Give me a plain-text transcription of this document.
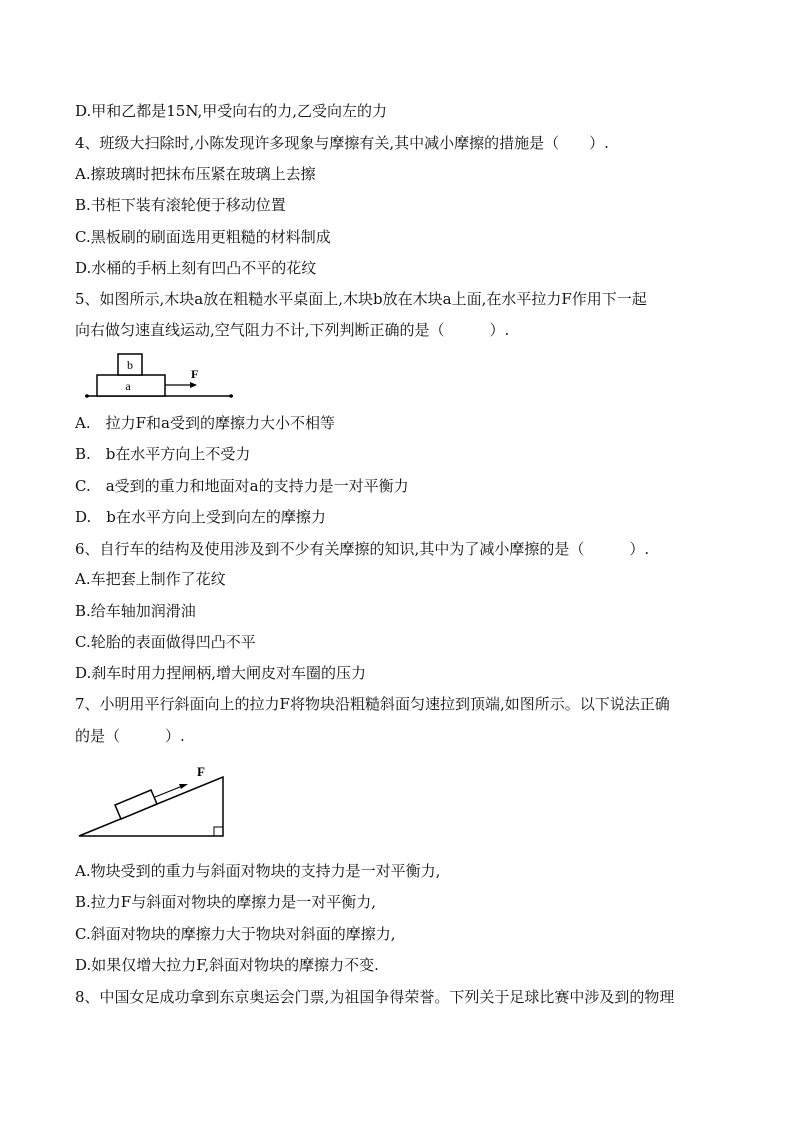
D.甲和乙都是15N,甲受向右的力,乙受向左的力
4、班级大扫除时,小陈发现许多现象与摩擦有关,其中减小摩擦的措施是（　　）.
A.擦玻璃时把抹布压紧在玻璃上去擦
B.书柜下装有滚轮便于移动位置
C.黑板刷的刷面选用更粗糙的材料制成
D.水桶的手柄上刻有凹凸不平的花纹
5、如图所示,木块a放在粗糙水平桌面上,木块b放在木块a上面,在水平拉力F作用下一起
向右做匀速直线运动,空气阻力不计,下列判断正确的是（　　　）.
a
b
F
A.　拉力F和a受到的摩擦力大小不相等
B.　b在水平方向上不受力
C.　a受到的重力和地面对a的支持力是一对平衡力
D.　b在水平方向上受到向左的摩擦力
6、自行车的结构及使用涉及到不少有关摩擦的知识,其中为了减小摩擦的是（　　　）.
A.车把套上制作了花纹
B.给车轴加润滑油
C.轮胎的表面做得凹凸不平
D.刹车时用力捏闸柄,增大闸皮对车圈的压力
7、小明用平行斜面向上的拉力F将物块沿粗糙斜面匀速拉到顶端,如图所示。以下说法正确
的是（　　　）.
F
A.物块受到的重力与斜面对物块的支持力是一对平衡力,
B.拉力F与斜面对物块的摩擦力是一对平衡力,
C.斜面对物块的摩擦力大于物块对斜面的摩擦力,
D.如果仅增大拉力F,斜面对物块的摩擦力不变.
8、中国女足成功拿到东京奥运会门票,为祖国争得荣誉。下列关于足球比赛中涉及到的物理
